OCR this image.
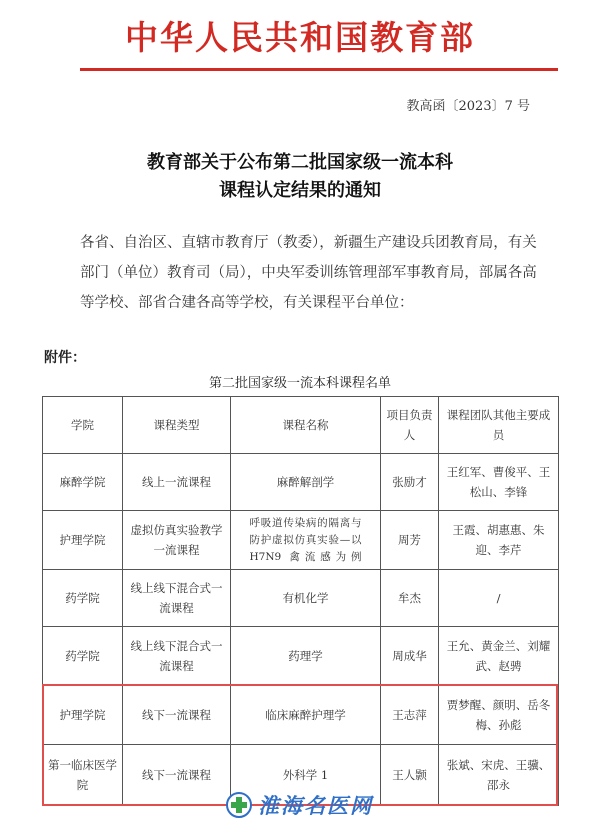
中华人民共和国教育部
教高函〔2023〕7 号
教育部关于公布第二批国家级一流本科
课程认定结果的通知
各省、自治区、直辖市教育厅（教委），新疆生产建设兵团教育局，有关部门（单位）教育司（局），中央军委训练管理部军事教育局，部属各高等学校、部省合建各高等学校，有关课程平台单位：
附件：
第二批国家级一流本科课程名单
学院	课程类型	课程名称	项目负责人	课程团队其他主要成员
麻醉学院	线上一流课程	麻醉解剖学	张励才	王红军、曹俊平、王松山、李锋
护理学院	虚拟仿真实验教学一流课程	呼吸道传染病的隔离与防护虚拟仿真实验—以 H7N9 禽流感为例	周芳	王霞、胡惠惠、朱迎、李芹
药学院	线上线下混合式一流课程	有机化学	牟杰	/
药学院	线上线下混合式一流课程	药理学	周成华	王允、黄金兰、刘耀武、赵骋
护理学院	线下一流课程	临床麻醉护理学	王志萍	贾梦醒、颜明、岳冬梅、孙彪
第一临床医学院	线下一流课程	外科学 1	王人颢	张斌、宋虎、王骥、邵永
淮海名医网
